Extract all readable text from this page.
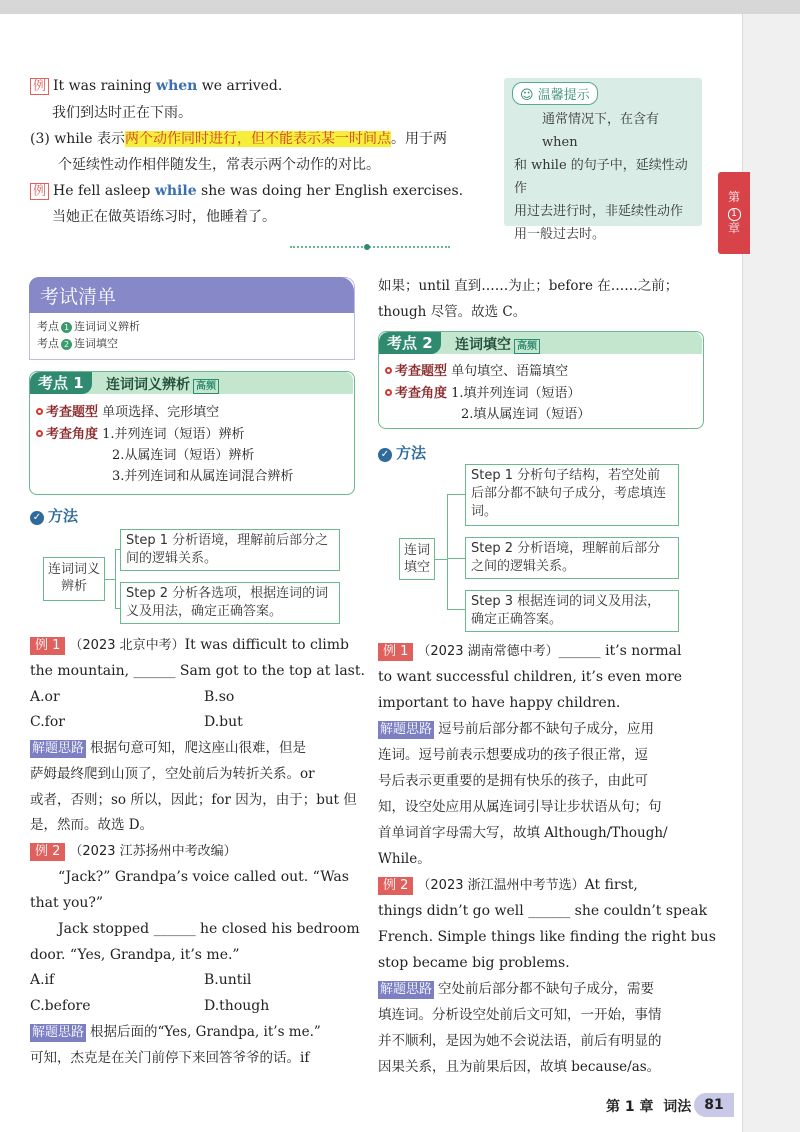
例 It was raining when we arrived.
我们到达时正在下雨。
(3) while 表示两个动作同时进行，但不能表示某一时间点。用于两
个延续性动作相伴随发生，常表示两个动作的对比。
例 He fell asleep while she was doing her English exercises.
当她正在做英语练习时，他睡着了。
☺ 温馨提示
通常情况下，在含有 when
和 while 的句子中，延续性动作
用过去进行时，非延续性动作
用一般过去时。
第
1
章
考试清单
考点 1 连词词义辨析
考点 2 连词填空
考点 1	连词词义辨析 高频
考查题型 单项选择、完形填空
考查角度 1.并列连词（短语）辨析
2.从属连词（短语）辨析
3.并列连词和从属连词混合辨析
✓ 方法
连词词义
辨析
Step 1 分析语境，理解前后部分之
间的逻辑关系。
Step 2 分析各选项，根据连词的词
义及用法，确定正确答案。
例 1 （2023 北京中考）It was difficult to climb
the mountain, ______ Sam got to the top at last.
A.or	B.so
C.for	D.but
解题思路 根据句意可知，爬这座山很难，但是
萨姆最终爬到山顶了，空处前后为转折关系。or
或者，否则；so 所以，因此；for 因为，由于；but 但
是，然而。故选 D。
例 2 （2023 江苏扬州中考改编）
“Jack?” Grandpa’s voice called out. “Was
that you?”
Jack stopped ______ he closed his bedroom
door. “Yes, Grandpa, it’s me.”
A.if	B.until
C.before	D.though
解题思路 根据后面的“Yes, Grandpa, it’s me.”
可知，杰克是在关门前停下来回答爷爷的话。if
如果；until 直到……为止；before 在……之前；
though 尽管。故选 C。
考点 2	连词填空 高频
考查题型 单句填空、语篇填空
考查角度 1.填并列连词（短语）
2.填从属连词（短语）
✓ 方法
连词
填空
Step 1 分析句子结构，若空处前
后部分都不缺句子成分，考虑填连
词。
Step 2 分析语境，理解前后部分
之间的逻辑关系。
Step 3 根据连词的词义及用法，
确定正确答案。
例 1 （2023 湖南常德中考）______ it’s normal
to want successful children, it’s even more
important to have happy children.
解题思路 逗号前后部分都不缺句子成分，应用
连词。逗号前表示想要成功的孩子很正常，逗
号后表示更重要的是拥有快乐的孩子，由此可
知，设空处应用从属连词引导让步状语从句；句
首单词首字母需大写，故填 Although/Though/
While。
例 2 （2023 浙江温州中考节选）At first,
things didn’t go well ______ she couldn’t speak
French. Simple things like finding the right bus
stop became big problems.
解题思路 空处前后部分都不缺句子成分，需要
填连词。分析设空处前后文可知，一开始，事情
并不顺利，是因为她不会说法语，前后有明显的
因果关系，且为前果后因，故填 because/as。
第 1 章 词法 81
